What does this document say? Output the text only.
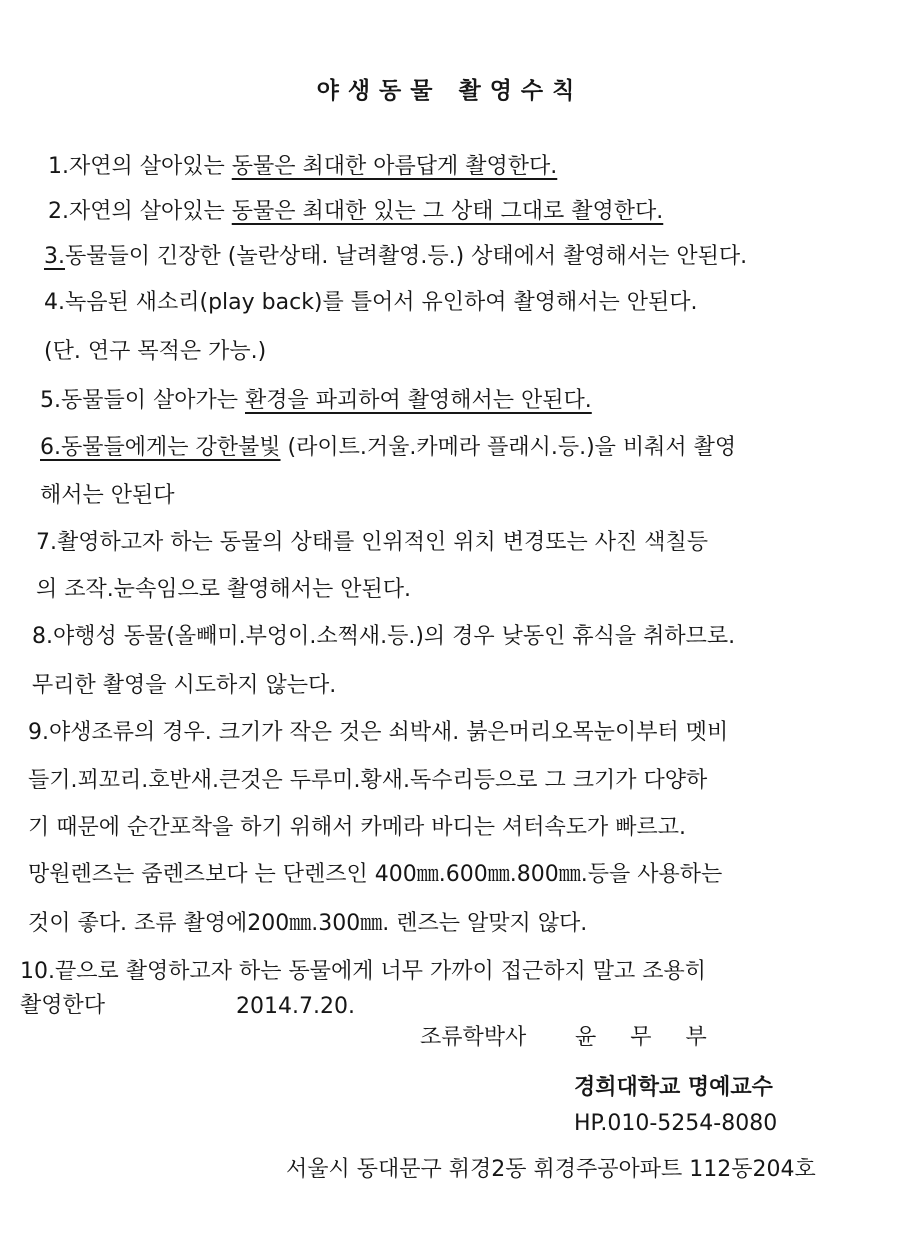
야생동물 촬영수칙
1.자연의 살아있는 동물은 최대한 아름답게 촬영한다.
2.자연의 살아있는 동물은 최대한 있는 그 상태 그대로 촬영한다.
3.동물들이 긴장한 (놀란상태. 날려촬영.등.) 상태에서 촬영해서는 안된다.
4.녹음된 새소리(play back)를 틀어서 유인하여 촬영해서는 안된다.
(단. 연구 목적은 가능.)
5.동물들이 살아가는 환경을 파괴하여 촬영해서는 안된다.
6.동물들에게는 강한불빛 (라이트.거울.카메라 플래시.등.)을 비춰서 촬영
해서는 안된다
7.촬영하고자 하는 동물의 상태를 인위적인 위치 변경또는 사진 색칠등
의 조작.눈속임으로 촬영해서는 안된다.
8.야행성 동물(올빼미.부엉이.소쩍새.등.)의 경우 낮동인 휴식을 취하므로.
무리한 촬영을 시도하지 않는다.
9.야생조류의 경우. 크기가 작은 것은 쇠박새. 붉은머리오목눈이부터 멧비
들기.꾀꼬리.호반새.큰것은 두루미.황새.독수리등으로 그 크기가 다양하
기 때문에 순간포착을 하기 위해서 카메라 바디는 셔터속도가 빠르고.
망원렌즈는 줌렌즈보다 는 단렌즈인 400㎜.600㎜.800㎜.등을 사용하는
것이 좋다. 조류 촬영에200㎜.300㎜. 렌즈는 알맞지 않다.
10.끝으로 촬영하고자 하는 동물에게 너무 가까이 접근하지 말고 조용히
촬영한다	2014.7.20.
조류학박사 윤무부
경희대학교 명예교수
HP.010-5254-8080
서울시 동대문구 휘경2동 휘경주공아파트 112동204호
